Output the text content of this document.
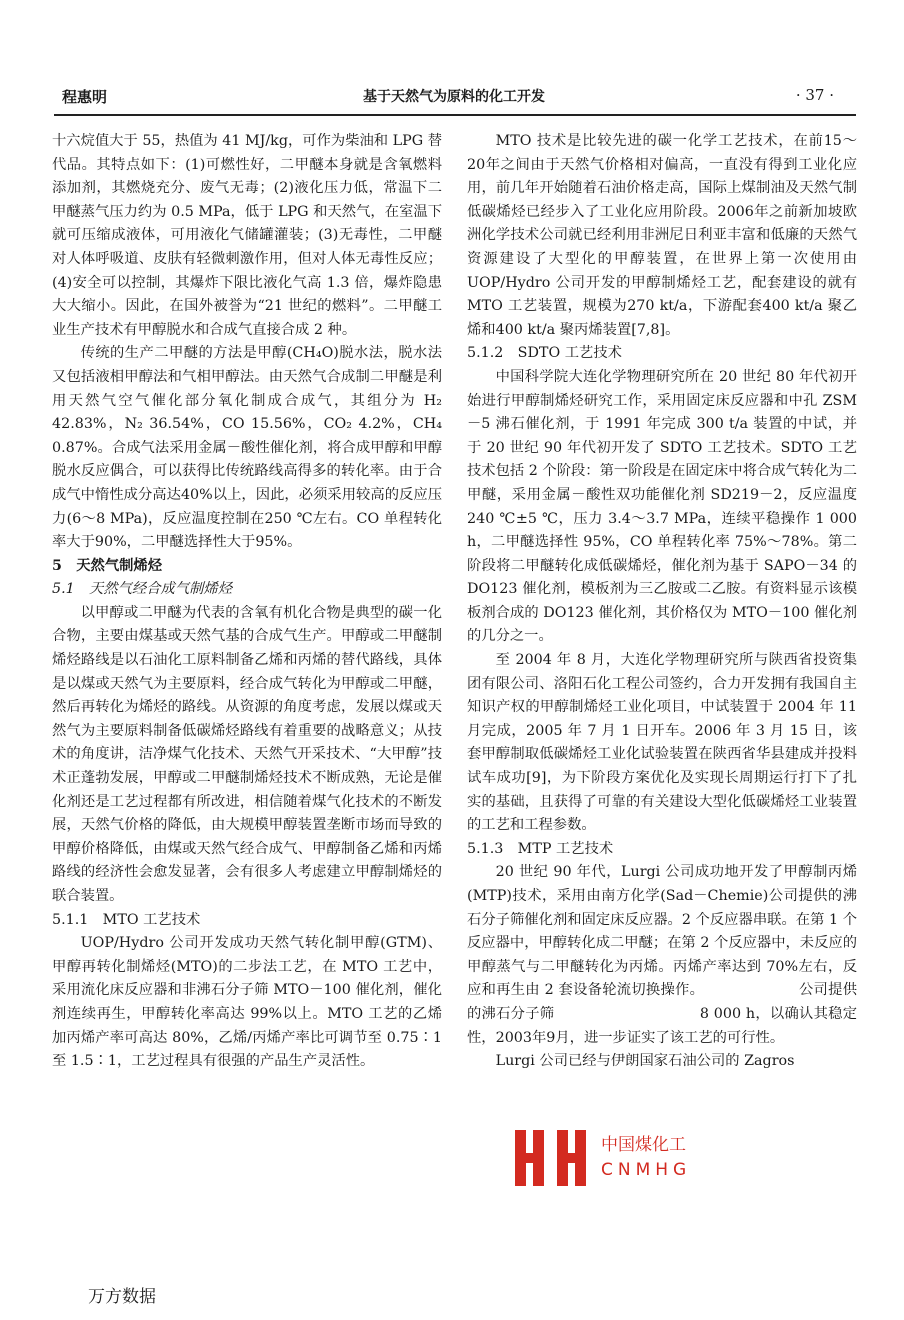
程惠明	基于天然气为原料的化工开发	· 37 ·

十六烷值大于 55，热值为 41 MJ/kg，可作为柴油和 LPG 替代品。其特点如下：(1)可燃性好，二甲醚本身就是含氧燃料添加剂，其燃烧充分、废气无毒；(2)液化压力低，常温下二甲醚蒸气压力约为 0.5 MPa，低于 LPG 和天然气，在室温下就可压缩成液体，可用液化气储罐灌装；(3)无毒性，二甲醚对人体呼吸道、皮肤有轻微刺激作用，但对人体无毒性反应；(4)安全可以控制，其爆炸下限比液化气高 1.3 倍，爆炸隐患大大缩小。因此，在国外被誉为“21 世纪的燃料”。二甲醚工业生产技术有甲醇脱水和合成气直接合成 2 种。

传统的生产二甲醚的方法是甲醇(CH₄O)脱水法，脱水法又包括液相甲醇法和气相甲醇法。由天然气合成制二甲醚是利用天然气空气催化部分氧化制成合成气，其组分为 H₂ 42.83%，N₂ 36.54%，CO 15.56%，CO₂ 4.2%，CH₄ 0.87%。合成气法采用金属－酸性催化剂，将合成甲醇和甲醇脱水反应偶合，可以获得比传统路线高得多的转化率。由于合成气中惰性成分高达40%以上，因此，必须采用较高的反应压力(6～8 MPa)，反应温度控制在250 ℃左右。CO 单程转化率大于90%，二甲醚选择性大于95%。

5　天然气制烯烃
5.1　天然气经合成气制烯烃

以甲醇或二甲醚为代表的含氧有机化合物是典型的碳一化合物，主要由煤基或天然气基的合成气生产。甲醇或二甲醚制烯烃路线是以石油化工原料制备乙烯和丙烯的替代路线，具体是以煤或天然气为主要原料，经合成气转化为甲醇或二甲醚，然后再转化为烯烃的路线。从资源的角度考虑，发展以煤或天然气为主要原料制备低碳烯烃路线有着重要的战略意义；从技术的角度讲，洁净煤气化技术、天然气开采技术、“大甲醇”技术正蓬勃发展，甲醇或二甲醚制烯烃技术不断成熟，无论是催化剂还是工艺过程都有所改进，相信随着煤气化技术的不断发展，天然气价格的降低，由大规模甲醇装置垄断市场而导致的甲醇价格降低，由煤或天然气经合成气、甲醇制备乙烯和丙烯路线的经济性会愈发显著，会有很多人考虑建立甲醇制烯烃的联合装置。

5.1.1　MTO 工艺技术

UOP/Hydro 公司开发成功天然气转化制甲醇(GTM)、甲醇再转化制烯烃(MTO)的二步法工艺，在 MTO 工艺中，采用流化床反应器和非沸石分子筛 MTO－100 催化剂，催化剂连续再生，甲醇转化率高达 99%以上。MTO 工艺的乙烯加丙烯产率可高达 80%，乙烯/丙烯产率比可调节至 0.75∶1 至 1.5∶1，工艺过程具有很强的产品生产灵活性。

MTO 技术是比较先进的碳一化学工艺技术，在前15～20年之间由于天然气价格相对偏高，一直没有得到工业化应用，前几年开始随着石油价格走高，国际上煤制油及天然气制低碳烯烃已经步入了工业化应用阶段。2006年之前新加坡欧洲化学技术公司就已经利用非洲尼日利亚丰富和低廉的天然气资源建设了大型化的甲醇装置，在世界上第一次使用由 UOP/Hydro 公司开发的甲醇制烯烃工艺，配套建设的就有 MTO 工艺装置，规模为270 kt/a，下游配套400 kt/a 聚乙烯和400 kt/a 聚丙烯装置[7,8]。

5.1.2　SDTO 工艺技术

中国科学院大连化学物理研究所在 20 世纪 80 年代初开始进行甲醇制烯烃研究工作，采用固定床反应器和中孔 ZSM－5 沸石催化剂，于 1991 年完成 300 t/a 装置的中试，并于 20 世纪 90 年代初开发了 SDTO 工艺技术。SDTO 工艺技术包括 2 个阶段：第一阶段是在固定床中将合成气转化为二甲醚，采用金属－酸性双功能催化剂 SD219－2，反应温度 240 ℃±5 ℃，压力 3.4～3.7 MPa，连续平稳操作 1 000 h，二甲醚选择性 95%，CO 单程转化率 75%～78%。第二阶段将二甲醚转化成低碳烯烃，催化剂为基于 SAPO－34 的 DO123 催化剂，模板剂为三乙胺或二乙胺。有资料显示该模板剂合成的 DO123 催化剂，其价格仅为 MTO－100 催化剂的几分之一。

至 2004 年 8 月，大连化学物理研究所与陕西省投资集团有限公司、洛阳石化工程公司签约，合力开发拥有我国自主知识产权的甲醇制烯烃工业化项目，中试装置于 2004 年 11 月完成，2005 年 7 月 1 日开车。2006 年 3 月 15 日，该套甲醇制取低碳烯烃工业化试验装置在陕西省华县建成并投料试车成功[9]，为下阶段方案优化及实现长周期运行打下了扎实的基础，且获得了可靠的有关建设大型化低碳烯烃工业装置的工艺和工程参数。

5.1.3　MTP 工艺技术

20 世纪 90 年代，Lurgi 公司成功地开发了甲醇制丙烯(MTP)技术，采用由南方化学(Sad－Chemie)公司提供的沸石分子筛催化剂和固定床反应器。2 个反应器串联。在第 1 个反应器中，甲醇转化成二甲醚；在第 2 个反应器中，未反应的甲醇蒸气与二甲醚转化为丙烯。丙烯产率达到 70%左右，反应和再生由 2 套设备轮流切换操作。　　　　　　　公司提供的沸石分子筛　　　　　　　　　　8 000 h，以确认其稳定性，2003年9月，进一步证实了该工艺的可行性。

Lurgi 公司已经与伊朗国家石油公司的 Zagros

中国煤化工
CNMHG
万方数据
